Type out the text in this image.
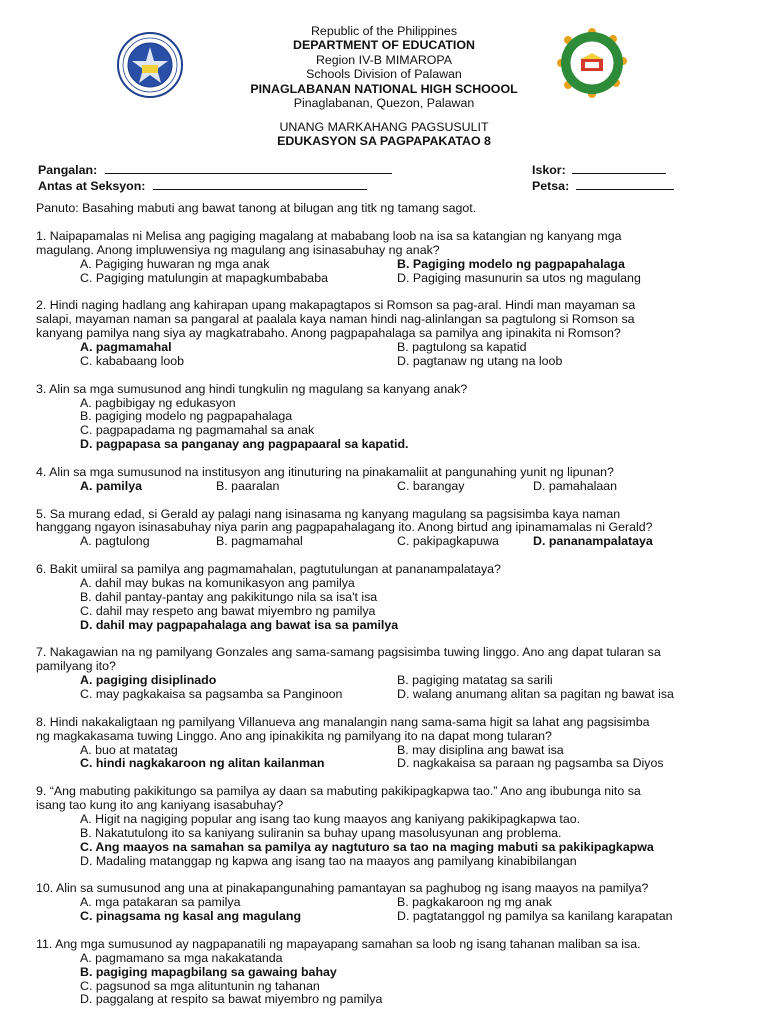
Republic of the Philippines
DEPARTMENT OF EDUCATION
Region IV-B MIMAROPA
Schools Division of Palawan
PINAGLABANAN NATIONAL HIGH SCHOOOL
Pinaglabanan, Quezon, Palawan
UNANG MARKAHANG PAGSUSULIT
EDUKASYON SA PAGPAPAKATAO 8
Pangalan:
Antas at Seksyon:
Iskor:
Petsa:
Panuto: Basahing mabuti ang bawat tanong at bilugan ang titk ng tamang sagot.
1. Naipapamalas ni Melisa ang pagiging magalang at mababang loob na isa sa katangian ng kanyang mga
magulang. Anong impluwensiya ng magulang ang isinasabuhay ng anak?
A. Pagiging huwaran ng mga anak	B. Pagiging modelo ng pagpapahalaga
C. Pagiging matulungin at mapagkumbababa	D. Pagiging masunurin sa utos ng magulang
2. Hindi naging hadlang ang kahirapan upang makapagtapos si Romson sa pag-aral. Hindi man mayaman sa
salapi, mayaman naman sa pangaral at paalala kaya naman hindi nag-alinlangan sa pagtulong si Romson sa
kanyang pamilya nang siya ay magkatrabaho. Anong pagpapahalaga sa pamilya ang ipinakita ni Romson?
A. pagmamahal	B. pagtulong sa kapatid
C. kababaang loob	D. pagtanaw ng utang na loob
3. Alin sa mga sumusunod ang hindi tungkulin ng magulang sa kanyang anak?
A. pagbibigay ng edukasyon
B. pagiging modelo ng pagpapahalaga
C. pagpapadama ng pagmamahal sa anak
D. pagpapasa sa panganay ang pagpapaaral sa kapatid.
4. Alin sa mga sumusunod na institusyon ang itinuturing na pinakamaliit at pangunahing yunit ng lipunan?
A. pamilya	B. paaralan	C. barangay	D. pamahalaan
5. Sa murang edad, si Gerald ay palagi nang isinasama ng kanyang magulang sa pagsisimba kaya naman
hanggang ngayon isinasabuhay niya parin ang pagpapahalagang ito. Anong birtud ang ipinamamalas ni Gerald?
A. pagtulong	B. pagmamahal	C. pakipagkapuwa	D. pananampalataya
6. Bakit umiiral sa pamilya ang pagmamahalan, pagtutulungan at pananampalataya?
A. dahil may bukas na komunikasyon ang pamilya
B. dahil pantay-pantay ang pakikitungo nila sa isa't isa
C. dahil may respeto ang bawat miyembro ng pamilya
D. dahil may pagpapahalaga ang bawat isa sa pamilya
7. Nakagawian na ng pamilyang Gonzales ang sama-samang pagsisimba tuwing linggo. Ano ang dapat tularan sa
pamilyang ito?
A. pagiging disiplinado	B. pagiging matatag sa sarili
C. may pagkakaisa sa pagsamba sa Panginoon	D. walang anumang alitan sa pagitan ng bawat isa
8. Hindi nakakaligtaan ng pamilyang Villanueva ang manalangin nang sama-sama higit sa lahat ang pagsisimba
ng magkakasama tuwing Linggo. Ano ang ipinakikita ng pamilyang ito na dapat mong tularan?
A. buo at matatag	B. may disiplina ang bawat isa
C. hindi nagkakaroon ng alitan kailanman	D. nagkakaisa sa paraan ng pagsamba sa Diyos
9. “Ang mabuting pakikitungo sa pamilya ay daan sa mabuting pakikipagkapwa tao.” Ano ang ibubunga nito sa
isang tao kung ito ang kaniyang isasabuhay?
A. Higit na nagiging popular ang isang tao kung maayos ang kaniyang pakikipagkapwa tao.
B. Nakatutulong ito sa kaniyang suliranin sa buhay upang masolusyunan ang problema.
C. Ang maayos na samahan sa pamilya ay nagtuturo sa tao na maging mabuti sa pakikipagkapwa
D. Madaling matanggap ng kapwa ang isang tao na maayos ang pamilyang kinabibilangan
10. Alin sa sumusunod ang una at pinakapangunahing pamantayan sa paghubog ng isang maayos na pamilya?
A. mga patakaran sa pamilya	B. pagkakaroon ng mg anak
C. pinagsama ng kasal ang magulang	D. pagtatanggol ng pamilya sa kanilang karapatan
11. Ang mga sumusunod ay nagpapanatili ng mapayapang samahan sa loob ng isang tahanan maliban sa isa.
A. pagmamano sa mga nakakatanda
B. pagiging mapagbilang sa gawaing bahay
C. pagsunod sa mga alituntunin ng tahanan
D. paggalang at respito sa bawat miyembro ng pamilya
